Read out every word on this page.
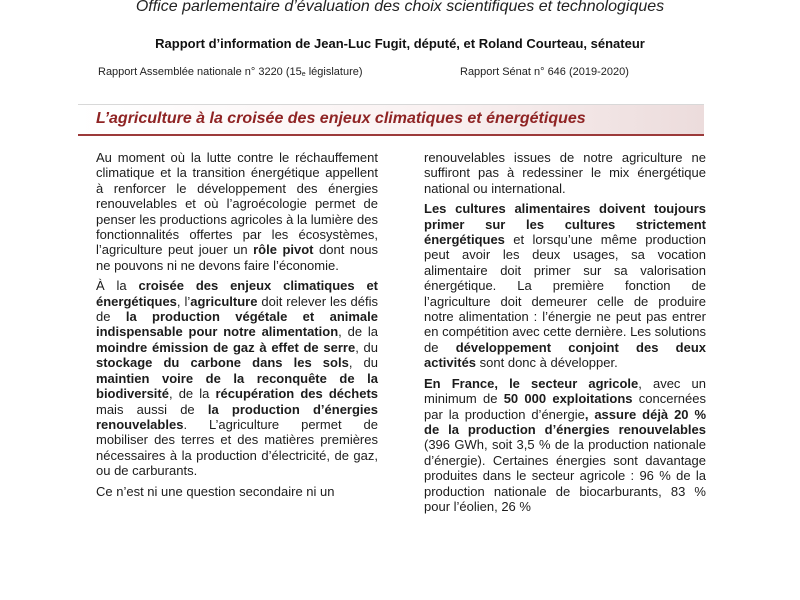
Office parlementaire d’évaluation des choix scientifiques et technologiques
Rapport d’information de Jean-Luc Fugit, député, et Roland Courteau, sénateur
Rapport Assemblée nationale n° 3220 ($15_e$ législature)	Rapport Sénat n° 646 (2019-2020)
L’agriculture à la croisée des enjeux climatiques et énergétiques

Au moment où la lutte contre le réchauffement climatique et la transition énergétique appellent à renforcer le développement des énergies renouvelables et où l’agroécologie permet de penser les productions agricoles à la lumière des fonctionnalités offertes par les écosystèmes, l’agriculture peut jouer un rôle pivot dont nous ne pouvons ni ne devons faire l’économie.

À la croisée des enjeux climatiques et énergétiques, l’agriculture doit relever les défis de la production végétale et animale indispensable pour notre alimentation, de la moindre émission de gaz à effet de serre, du stockage du carbone dans les sols, du maintien voire de la reconquête de la biodiversité, de la récupération des déchets mais aussi de la production d’énergies renouvelables. L’agriculture permet de mobiliser des terres et des matières premières nécessaires à la production d’électricité, de gaz, ou de carburants.

Ce n’est ni une question secondaire ni un

renouvelables issues de notre agriculture ne suffiront pas à redessiner le mix énergétique national ou international.

Les cultures alimentaires doivent toujours primer sur les cultures strictement énergétiques et lorsqu’une même production peut avoir les deux usages, sa vocation alimentaire doit primer sur sa valorisation énergétique. La première fonction de l’agriculture doit demeurer celle de produire notre alimentation : l’énergie ne peut pas entrer en compétition avec cette dernière. Les solutions de développement conjoint des deux activités sont donc à développer.

En France, le secteur agricole, avec un minimum de 50 000 exploitations concernées par la production d’énergie, assure déjà 20 % de la production d’énergies renouvelables (396 GWh, soit 3,5 % de la production nationale d’énergie). Certaines énergies sont davantage produites dans le secteur agricole : 96 % de la production nationale de biocarburants, 83 % pour l’éolien, 26 %
